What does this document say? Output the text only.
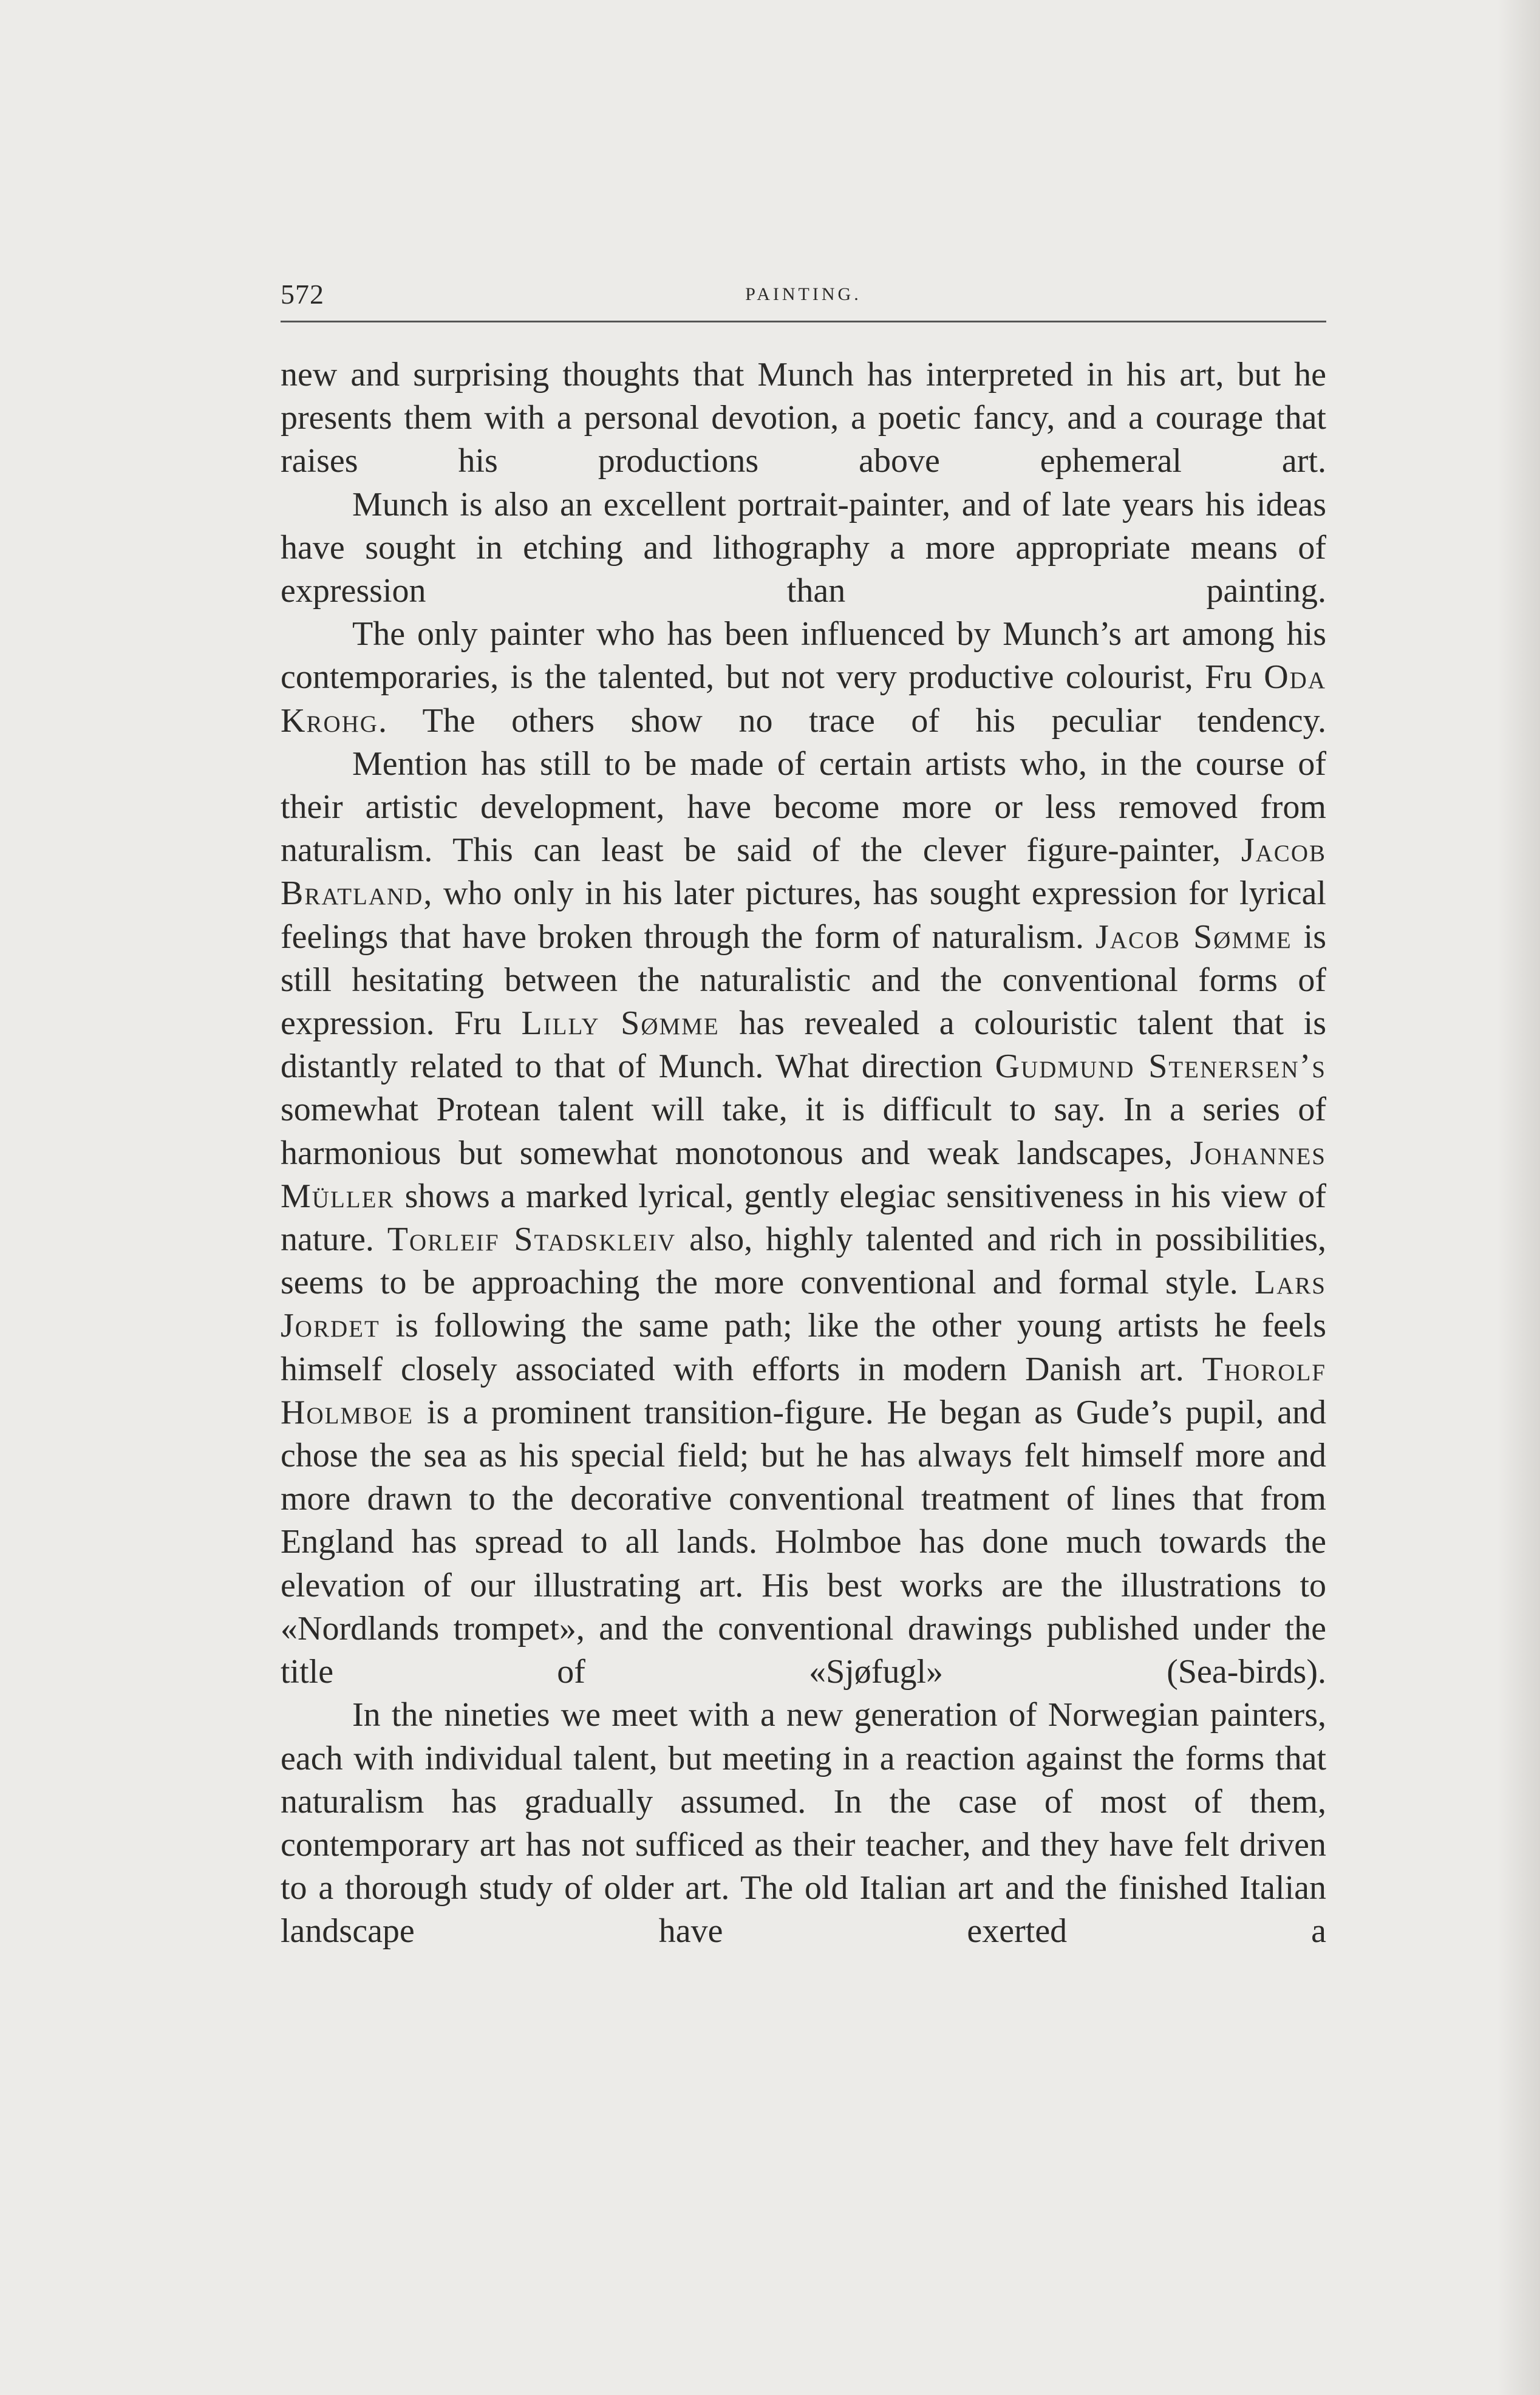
572	PAINTING.

new and surprising thoughts that Munch has interpreted in his art, but he presents them with a personal devotion, a poetic fancy, and a courage that raises his productions above ephemeral art.

Munch is also an excellent portrait-painter, and of late years his ideas have sought in etching and lithography a more appropriate means of expression than painting.

The only painter who has been influenced by Munch’s art among his contemporaries, is the talented, but not very productive colourist, Fru Oda Krohg. The others show no trace of his peculiar tendency.

Mention has still to be made of certain artists who, in the course of their artistic development, have become more or less removed from naturalism. This can least be said of the clever figure-painter, Jacob Bratland, who only in his later pictures, has sought expression for lyrical feelings that have broken through the form of naturalism. Jacob Sømme is still hesitating between the naturalistic and the conventional forms of expression. Fru Lilly Sømme has revealed a colouristic talent that is distantly related to that of Munch. What direction Gudmund Stenersen’s somewhat Protean talent will take, it is difficult to say. In a series of harmonious but somewhat monotonous and weak landscapes, Johannes Müller shows a marked lyrical, gently elegiac sensitiveness in his view of nature. Torleif Stadskleiv also, highly talented and rich in possibilities, seems to be approaching the more conventional and formal style. Lars Jordet is following the same path; like the other young artists he feels himself closely associated with efforts in modern Danish art. Thorolf Holmboe is a prominent transition-figure. He began as Gude’s pupil, and chose the sea as his special field; but he has always felt himself more and more drawn to the decorative conventional treatment of lines that from England has spread to all lands. Holmboe has done much towards the elevation of our illustrating art. His best works are the illustrations to «Nordlands trompet», and the conventional drawings published under the title of «Sjøfugl» (Sea-birds).

In the nineties we meet with a new generation of Norwegian painters, each with individual talent, but meeting in a reaction against the forms that naturalism has gradually assumed. In the case of most of them, contemporary art has not sufficed as their teacher, and they have felt driven to a thorough study of older art. The old Italian art and the finished Italian landscape have exerted a
